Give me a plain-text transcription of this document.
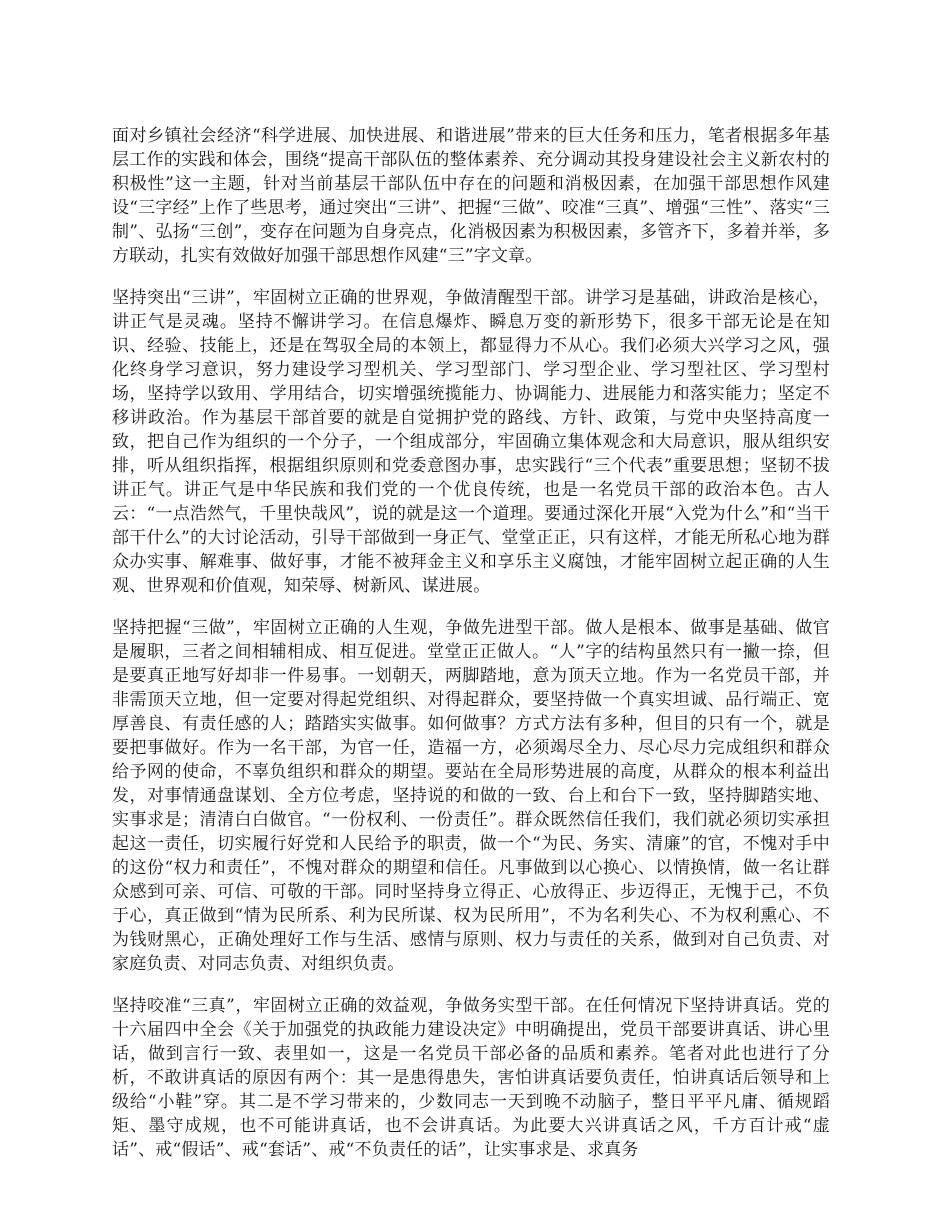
面对乡镇社会经济“科学进展、加快进展、和谐进展”带来的巨大任务和压力，笔者根据多年基层工作的实践和体会，围绕“提高干部队伍的整体素养、充分调动其投身建设社会主义新农村的积极性”这一主题，针对当前基层干部队伍中存在的问题和消极因素，在加强干部思想作风建设“三字经”上作了些思考，通过突出“三讲”、把握“三做”、咬准“三真”、增强“三性”、落实“三制”、弘扬“三创”，变存在问题为自身亮点，化消极因素为积极因素，多管齐下，多着并举，多方联动，扎实有效做好加强干部思想作风建“三”字文章。

坚持突出“三讲”，牢固树立正确的世界观，争做清醒型干部。讲学习是基础，讲政治是核心，讲正气是灵魂。坚持不懈讲学习。在信息爆炸、瞬息万变的新形势下，很多干部无论是在知识、经验、技能上，还是在驾驭全局的本领上，都显得力不从心。我们必须大兴学习之风，强化终身学习意识，努力建设学习型机关、学习型部门、学习型企业、学习型社区、学习型村场，坚持学以致用、学用结合，切实增强统揽能力、协调能力、进展能力和落实能力；坚定不移讲政治。作为基层干部首要的就是自觉拥护党的路线、方针、政策，与党中央坚持高度一致，把自己作为组织的一个分子，一个组成部分，牢固确立集体观念和大局意识，服从组织安排，听从组织指挥，根据组织原则和党委意图办事，忠实践行“三个代表”重要思想；坚韧不拔讲正气。讲正气是中华民族和我们党的一个优良传统，也是一名党员干部的政治本色。古人云：“一点浩然气，千里快哉风”，说的就是这一个道理。要通过深化开展“入党为什么”和“当干部干什么”的大讨论活动，引导干部做到一身正气、堂堂正正，只有这样，才能无所私心地为群众办实事、解难事、做好事，才能不被拜金主义和享乐主义腐蚀，才能牢固树立起正确的人生观、世界观和价值观，知荣辱、树新风、谋进展。

坚持把握“三做”，牢固树立正确的人生观，争做先进型干部。做人是根本、做事是基础、做官是履职，三者之间相辅相成、相互促进。堂堂正正做人。“人”字的结构虽然只有一撇一捺，但是要真正地写好却非一件易事。一划朝天，两脚踏地，意为顶天立地。作为一名党员干部，并非需顶天立地，但一定要对得起党组织、对得起群众，要坚持做一个真实坦诚、品行端正、宽厚善良、有责任感的人；踏踏实实做事。如何做事？方式方法有多种，但目的只有一个，就是要把事做好。作为一名干部，为官一任，造福一方，必须竭尽全力、尽心尽力完成组织和群众给予网的使命，不辜负组织和群众的期望。要站在全局形势进展的高度，从群众的根本利益出发，对事情通盘谋划、全方位考虑，坚持说的和做的一致、台上和台下一致，坚持脚踏实地、实事求是；清清白白做官。“一份权利、一份责任”。群众既然信任我们，我们就必须切实承担起这一责任，切实履行好党和人民给予的职责，做一个“为民、务实、清廉”的官，不愧对手中的这份“权力和责任”，不愧对群众的期望和信任。凡事做到以心换心、以情换情，做一名让群众感到可亲、可信、可敬的干部。同时坚持身立得正、心放得正、步迈得正，无愧于己，不负于心，真正做到“情为民所系、利为民所谋、权为民所用”，不为名利失心、不为权利熏心、不为钱财黑心，正确处理好工作与生活、感情与原则、权力与责任的关系，做到对自己负责、对家庭负责、对同志负责、对组织负责。

坚持咬准“三真”，牢固树立正确的效益观，争做务实型干部。在任何情况下坚持讲真话。党的十六届四中全会《关于加强党的执政能力建设决定》中明确提出，党员干部要讲真话、讲心里话，做到言行一致、表里如一，这是一名党员干部必备的品质和素养。笔者对此也进行了分析，不敢讲真话的原因有两个：其一是患得患失，害怕讲真话要负责任，怕讲真话后领导和上级给“小鞋”穿。其二是不学习带来的，少数同志一天到晚不动脑子，整日平平凡庸、循规蹈矩、墨守成规，也不可能讲真话，也不会讲真话。为此要大兴讲真话之风，千方百计戒“虚话”、戒“假话”、戒“套话”、戒“不负责任的话”，让实事求是、求真务
